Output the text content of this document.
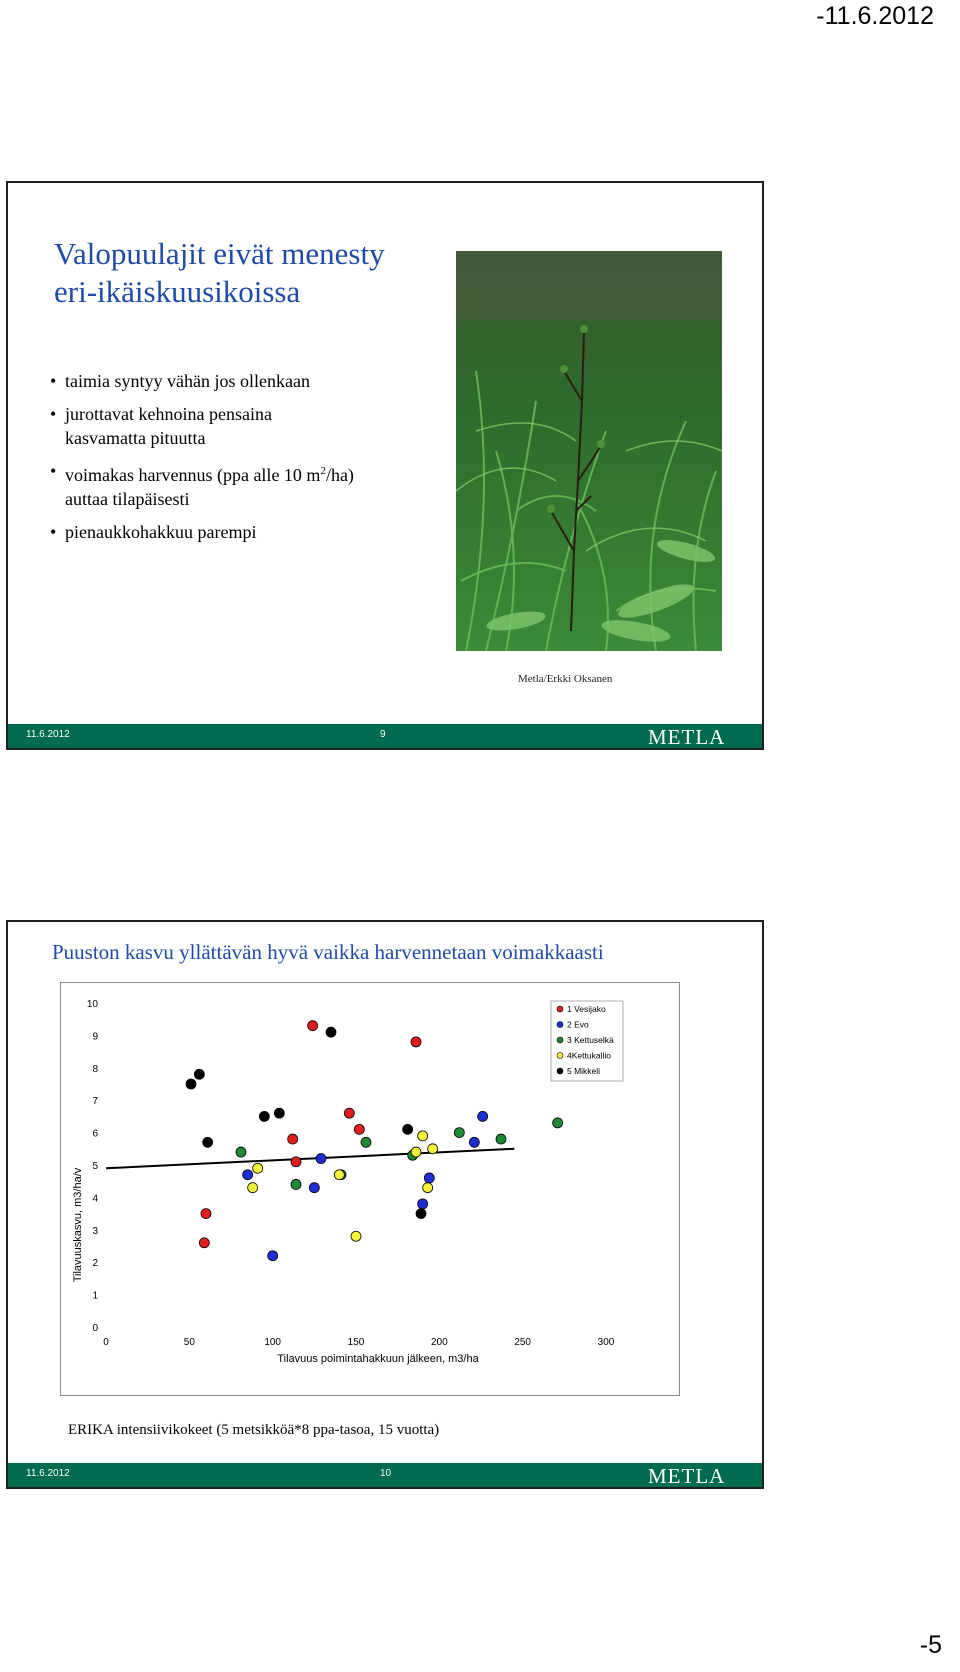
-11.6.2012
Valopuulajit eivät menesty
eri-ikäiskuusikoissa
• taimia syntyy vähän jos ollenkaan
• jurottavat kehnoina pensaina
kasvamatta pituutta
• voimakas harvennus (ppa alle 10 $m^2/ha$)
auttaa tilapäisesti
• pienaukkohakkuu parempi
Metla/Erkki Oksanen
11.6.2012	9	METLA
Puuston kasvu yllättävän hyvä vaikka harvennetaan voimakkaasti
0
1
2
3
4
5
6
7
8
9
10
0	50	100	150	200	250	300
Tilavuus poimintahakkuun jälkeen, m3/ha
Tilavuuskasvu, m3/ha/v
1 Vesijako
2 Evo
3 Kettuselkä
4Kettukallio
5 Mikkeli
ERIKA intensiivikokeet (5 metsikköä*8 ppa-tasoa, 15 vuotta)
11.6.2012	10	METLA
-5
